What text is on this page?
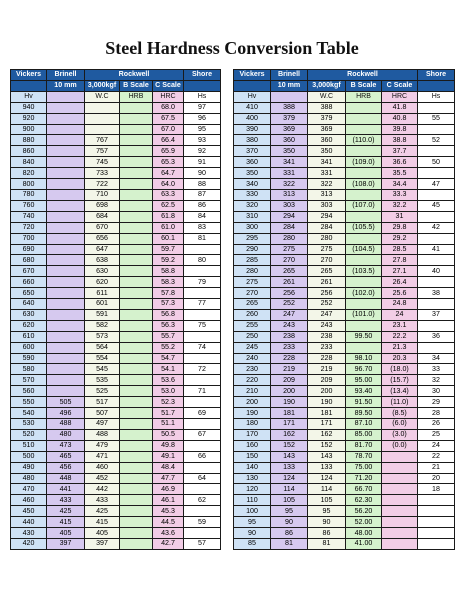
Steel Hardness Conversion Table
Vickers	Brinell	Rockwell			Shore
	10 mm	3,000kgf	B Scale	C Scale	
Hv		W.C	HRB	HRC	Hs
940				68.0	97
920				67.5	96
900				67.0	95
880		767		66.4	93
860		757		65.9	92
840		745		65.3	91
820		733		64.7	90
800		722		64.0	88
780		710		63.3	87
760		698		62.5	86
740		684		61.8	84
720		670		61.0	83
700		656		60.1	81
690		647		59.7	
680		638		59.2	80
670		630		58.8	
660		620		58.3	79
650		611		57.8	
640		601		57.3	77
630		591		56.8	
620		582		56.3	75
610		573		55.7	
600		564		55.2	74
590		554		54.7	
580		545		54.1	72
570		535		53.6	
560		525		53.0	71
550	505	517		52.3	
540	496	507		51.7	69
530	488	497		51.1	
520	480	488		50.5	67
510	473	479		49.8	
500	465	471		49.1	66
490	456	460		48.4	
480	448	452		47.7	64
470	441	442		46.9	
460	433	433		46.1	62
450	425	425		45.3	
440	415	415		44.5	59
430	405	405		43.6	
420	397	397		42.7	57
Vickers	Brinell	Rockwell			Shore
	10 mm	3,000kgf	B Scale	C Scale	
Hv		W.C	HRB	HRC	Hs
410	388	388		41.8	
400	379	379		40.8	55
390	369	369		39.8	
380	360	360	(110.0)	38.8	52
370	350	350		37.7	
360	341	341	(109.0)	36.6	50
350	331	331		35.5	
340	322	322	(108.0)	34.4	47
330	313	313		33.3	
320	303	303	(107.0)	32.2	45
310	294	294		31	
300	284	284	(105.5)	29.8	42
295	280	280		29.2	
290	275	275	(104.5)	28.5	41
285	270	270		27.8	
280	265	265	(103.5)	27.1	40
275	261	261		26.4	
270	256	256	(102.0)	25.6	38
265	252	252		24.8	
260	247	247	(101.0)	24	37
255	243	243		23.1	
250	238	238	99.50	22.2	36
245	233	233		21.3	
240	228	228	98.10	20.3	34
230	219	219	96.70	(18.0)	33
220	209	209	95.00	(15.7)	32
210	200	200	93.40	(13.4)	30
200	190	190	91.50	(11.0)	29
190	181	181	89.50	(8.5)	28
180	171	171	87.10	(6.0)	26
170	162	162	85.00	(3.0)	25
160	152	152	81.70	(0.0)	24
150	143	143	78.70		22
140	133	133	75.00		21
130	124	124	71.20		20
120	114	114	66.70		18
110	105	105	62.30		
100	95	95	56.20		
95	90	90	52.00		
90	86	86	48.00		
85	81	81	41.00		
